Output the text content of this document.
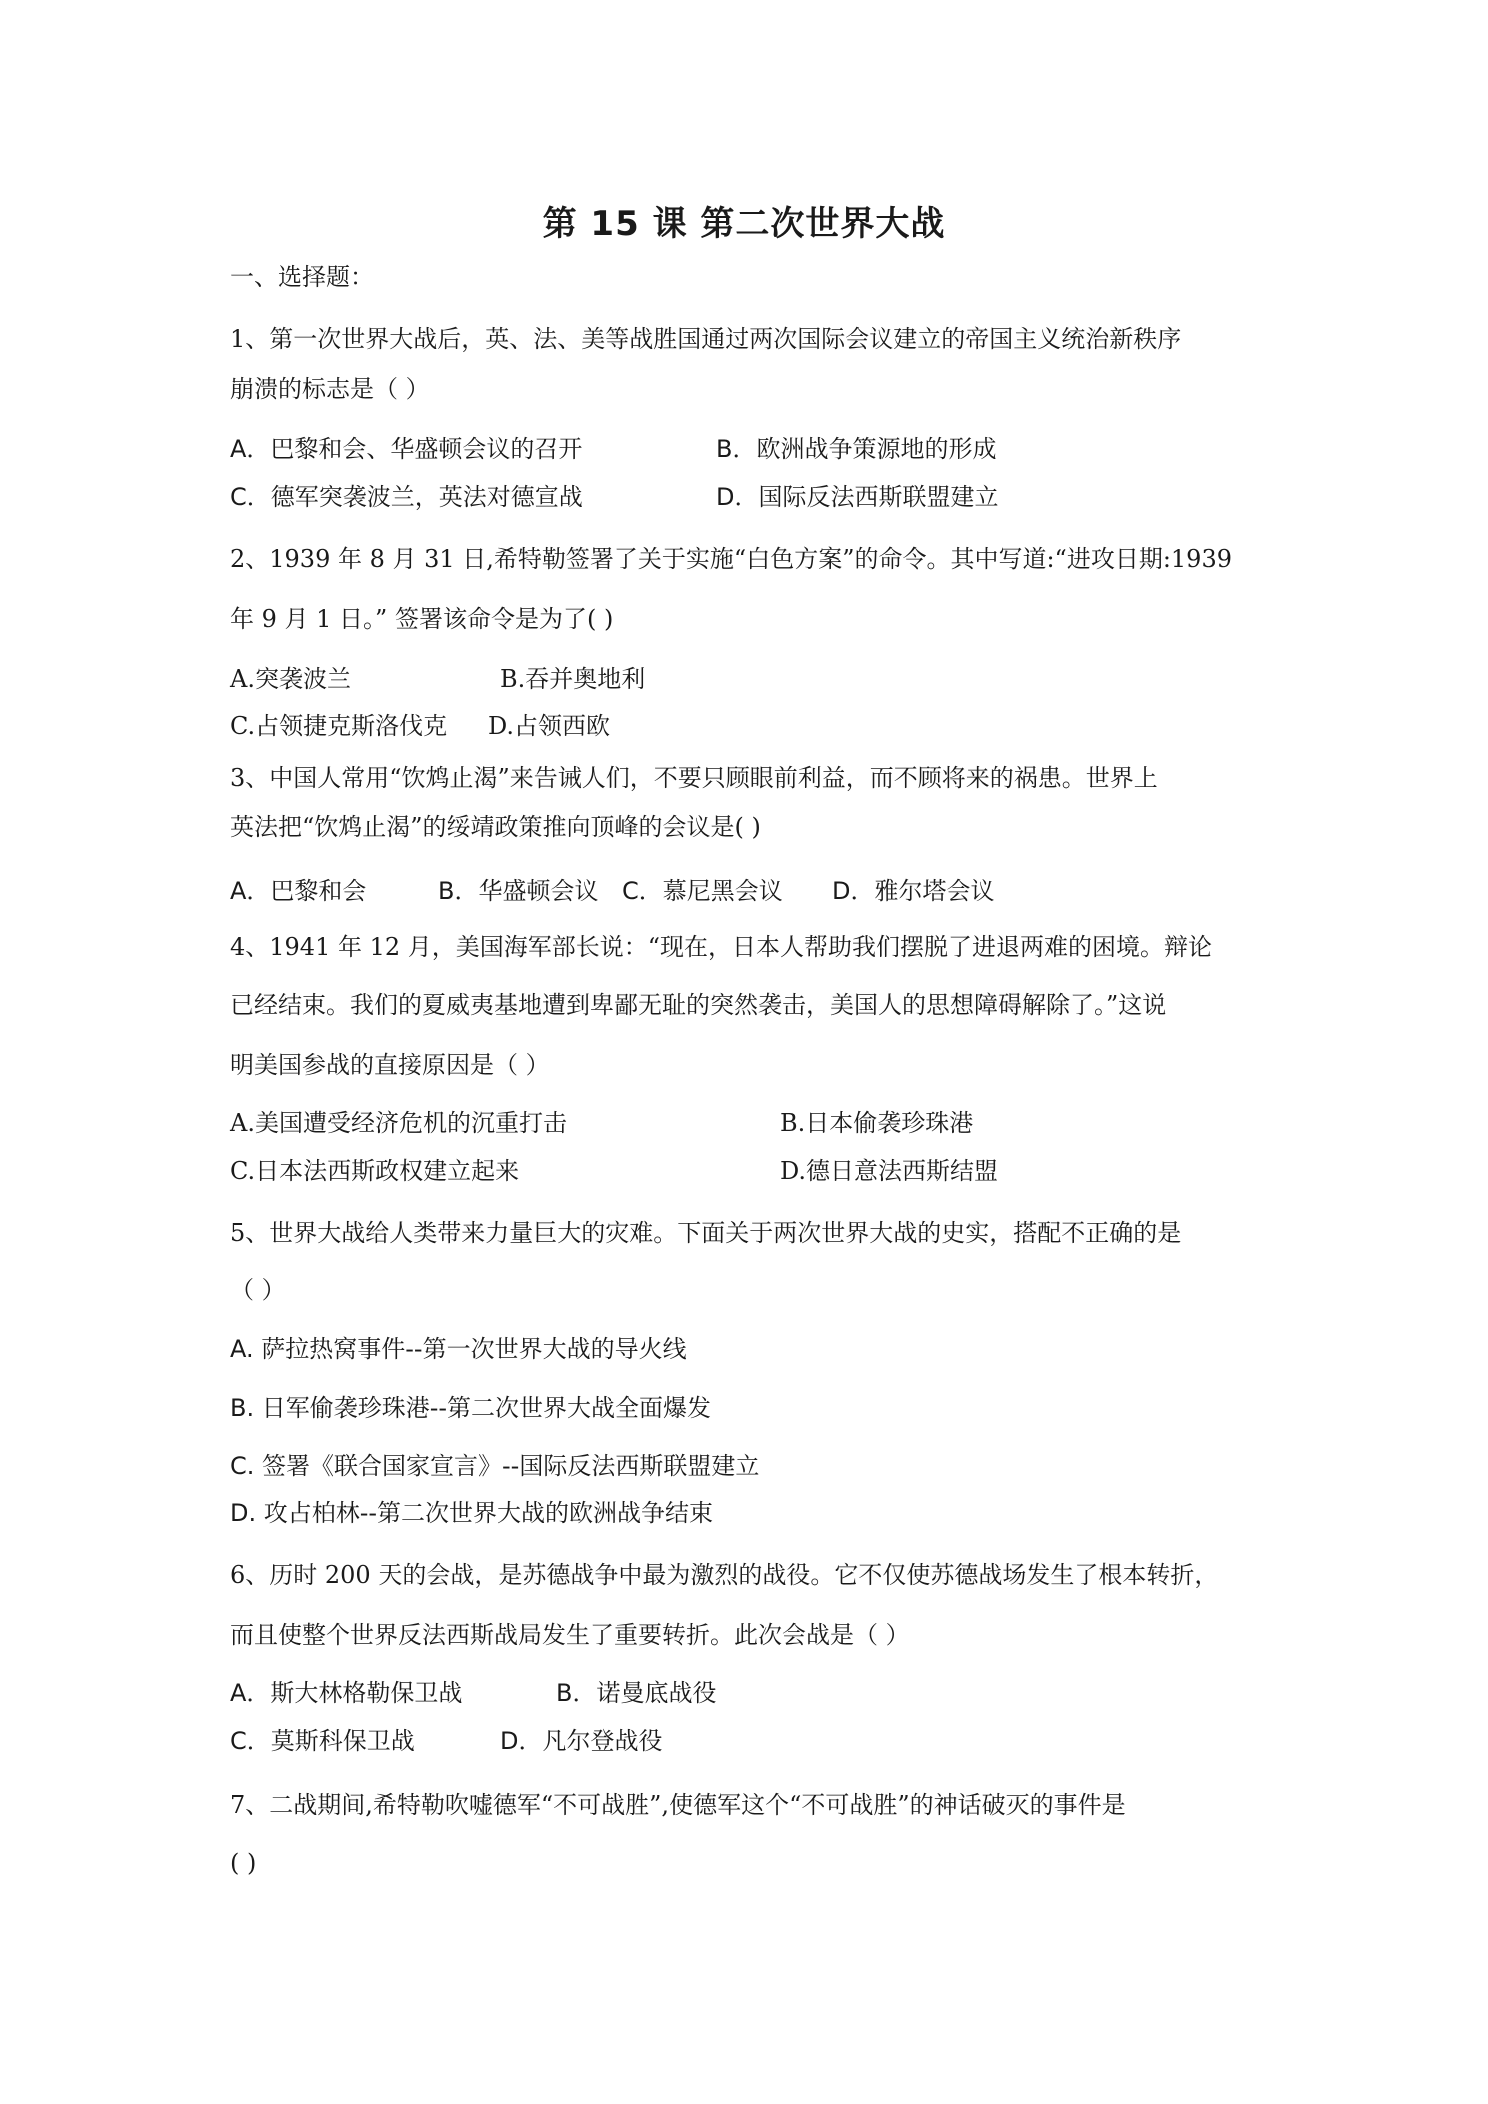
第 15 课 第二次世界大战
一、选择题：
1、第一次世界大战后，英、法、美等战胜国通过两次国际会议建立的帝国主义统治新秩序
崩溃的标志是（ ）
A．巴黎和会、华盛顿会议的召开	B．欧洲战争策源地的形成
C．德军突袭波兰，英法对德宣战	D．国际反法西斯联盟建立
2、1939 年 8 月 31 日,希特勒签署了关于实施“白色方案”的命令。其中写道:“进攻日期:1939
年 9 月 1 日。” 签署该命令是为了( )
A.突袭波兰	B.吞并奥地利
C.占领捷克斯洛伐克 D.占领西欧
3、中国人常用“饮鸩止渴”来告诫人们，不要只顾眼前利益，而不顾将来的祸患。世界上
英法把“饮鸩止渴”的绥靖政策推向顶峰的会议是( )
A．巴黎和会	B．华盛顿会议 C．慕尼黑会议 D．雅尔塔会议
4、1941 年 12 月，美国海军部长说：“现在，日本人帮助我们摆脱了进退两难的困境。辩论
已经结束。我们的夏威夷基地遭到卑鄙无耻的突然袭击，美国人的思想障碍解除了。”这说
明美国参战的直接原因是（ ）
A.美国遭受经济危机的沉重打击	B.日本偷袭珍珠港
C.日本法西斯政权建立起来	D.德日意法西斯结盟
5、世界大战给人类带来力量巨大的灾难。下面关于两次世界大战的史实，搭配不正确的是
（ ）
A. 萨拉热窝事件--第一次世界大战的导火线
B. 日军偷袭珍珠港--第二次世界大战全面爆发
C. 签署《联合国家宣言》--国际反法西斯联盟建立
D. 攻占柏林--第二次世界大战的欧洲战争结束
6、历时 200 天的会战，是苏德战争中最为激烈的战役。它不仅使苏德战场发生了根本转折，
而且使整个世界反法西斯战局发生了重要转折。此次会战是（ ）
A．斯大林格勒保卫战	B．诺曼底战役
C．莫斯科保卫战	D．凡尔登战役
7、二战期间,希特勒吹嘘德军“不可战胜”,使德军这个“不可战胜”的神话破灭的事件是
( )
